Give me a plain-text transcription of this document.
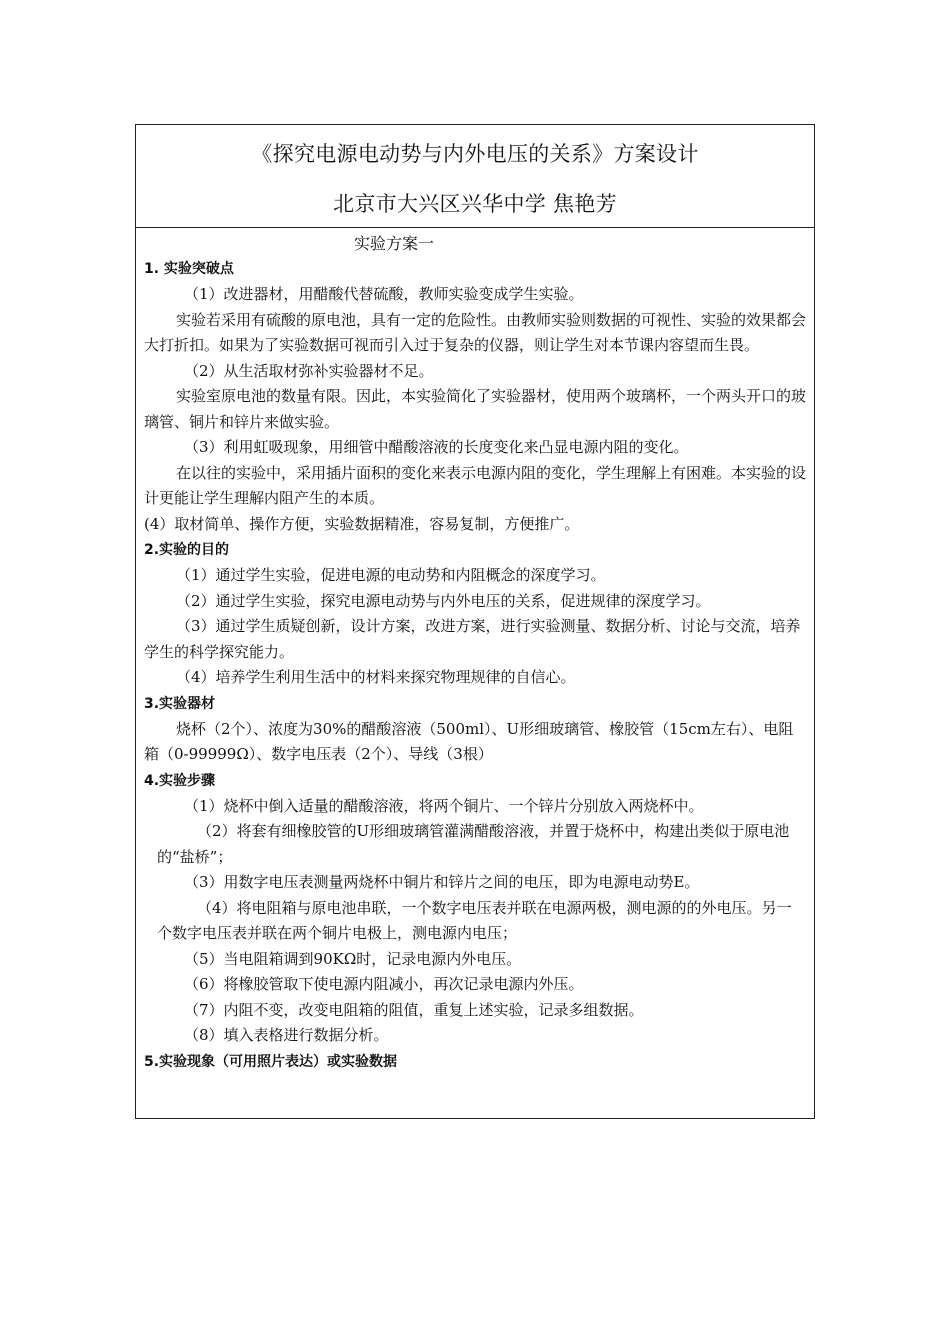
《探究电源电动势与内外电压的关系》方案设计
北京市大兴区兴华中学 焦艳芳
实验方案一
1. 实验突破点

（1）改进器材，用醋酸代替硫酸，教师实验变成学生实验。

实验若采用有硫酸的原电池，具有一定的危险性。由教师实验则数据的可视性、实验的效果都会大打折扣。如果为了实验数据可视而引入过于复杂的仪器，则让学生对本节课内容望而生畏。

（2）从生活取材弥补实验器材不足。

实验室原电池的数量有限。因此，本实验简化了实验器材，使用两个玻璃杯，一个两头开口的玻璃管、铜片和锌片来做实验。

（3）利用虹吸现象，用细管中醋酸溶液的长度变化来凸显电源内阻的变化。

在以往的实验中，采用插片面积的变化来表示电源内阻的变化，学生理解上有困难。本实验的设计更能让学生理解内阻产生的本质。

(4）取材简单、操作方便，实验数据精准，容易复制，方便推广。

2.实验的目的

（1）通过学生实验，促进电源的电动势和内阻概念的深度学习。

（2）通过学生实验，探究电源电动势与内外电压的关系，促进规律的深度学习。

（3）通过学生质疑创新，设计方案，改进方案，进行实验测量、数据分析、讨论与交流，培养学生的科学探究能力。

（4）培养学生利用生活中的材料来探究物理规律的自信心。

3.实验器材

烧杯（2个）、浓度为30%的醋酸溶液（500ml）、U形细玻璃管、橡胶管（15cm左右）、电阻箱（0-99999Ω）、数字电压表（2个）、导线（3根）

4.实验步骤

（1）烧杯中倒入适量的醋酸溶液，将两个铜片、一个锌片分别放入两烧杯中。

（2）将套有细橡胶管的U形细玻璃管灌满醋酸溶液，并置于烧杯中，构建出类似于原电池的“盐桥”；

（3）用数字电压表测量两烧杯中铜片和锌片之间的电压，即为电源电动势E。

（4）将电阻箱与原电池串联，一个数字电压表并联在电源两极，测电源的的外电压。另一个数字电压表并联在两个铜片电极上，测电源内电压；

（5）当电阻箱调到90KΩ时，记录电源内外电压。

（6）将橡胶管取下使电源内阻减小，再次记录电源内外压。

（7）内阻不变，改变电阻箱的阻值，重复上述实验，记录多组数据。

（8）填入表格进行数据分析。

5.实验现象（可用照片表达）或实验数据
